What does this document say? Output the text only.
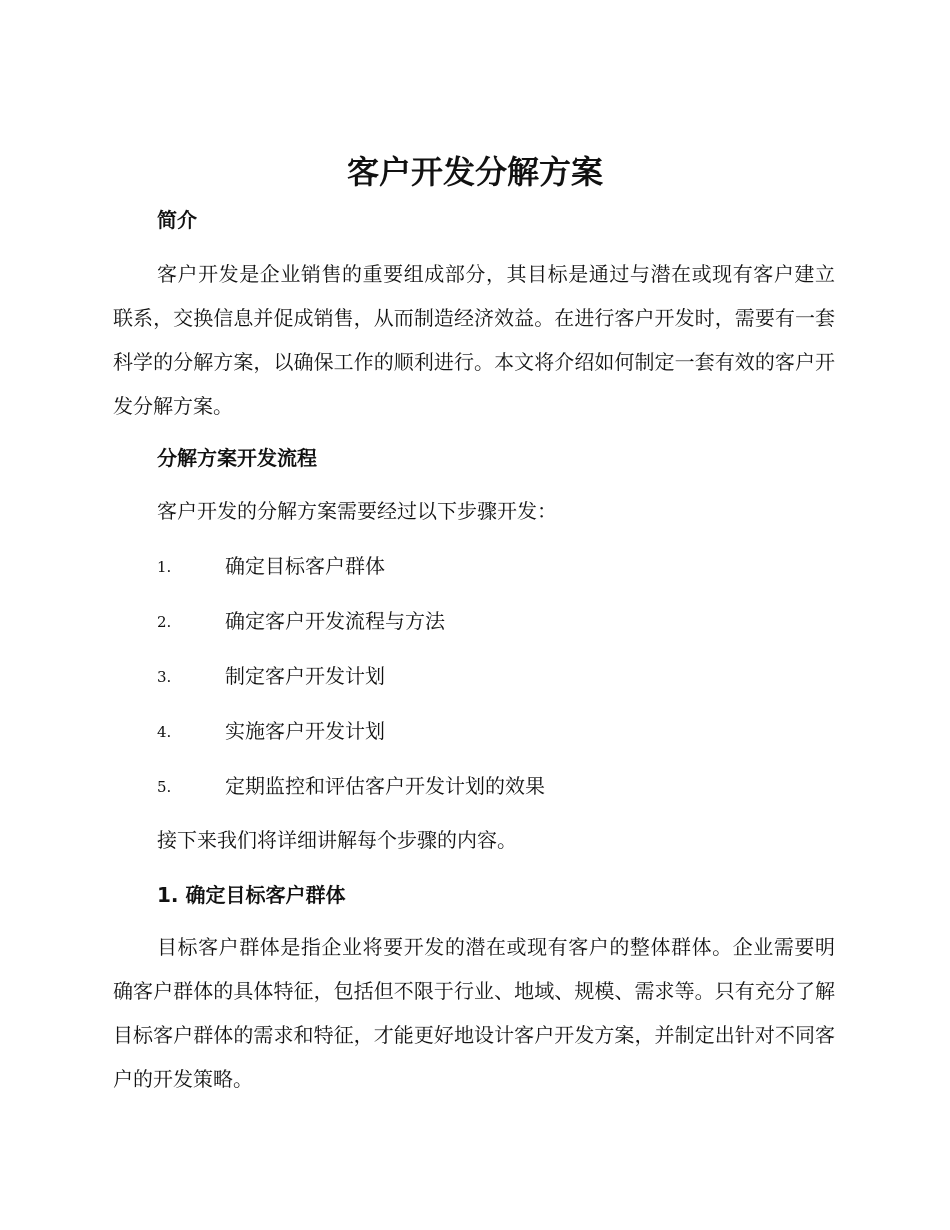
客户开发分解方案
简介

客户开发是企业销售的重要组成部分，其目标是通过与潜在或现有客户建立联系，交换信息并促成销售，从而制造经济效益。在进行客户开发时，需要有一套科学的分解方案，以确保工作的顺利进行。本文将介绍如何制定一套有效的客户开发分解方案。

分解方案开发流程

客户开发的分解方案需要经过以下步骤开发：

1.	确定目标客户群体
2.	确定客户开发流程与方法
3.	制定客户开发计划
4.	实施客户开发计划
5.	定期监控和评估客户开发计划的效果

接下来我们将详细讲解每个步骤的内容。

1. 确定目标客户群体

目标客户群体是指企业将要开发的潜在或现有客户的整体群体。企业需要明确客户群体的具体特征，包括但不限于行业、地域、规模、需求等。只有充分了解目标客户群体的需求和特征，才能更好地设计客户开发方案，并制定出针对不同客户的开发策略。
